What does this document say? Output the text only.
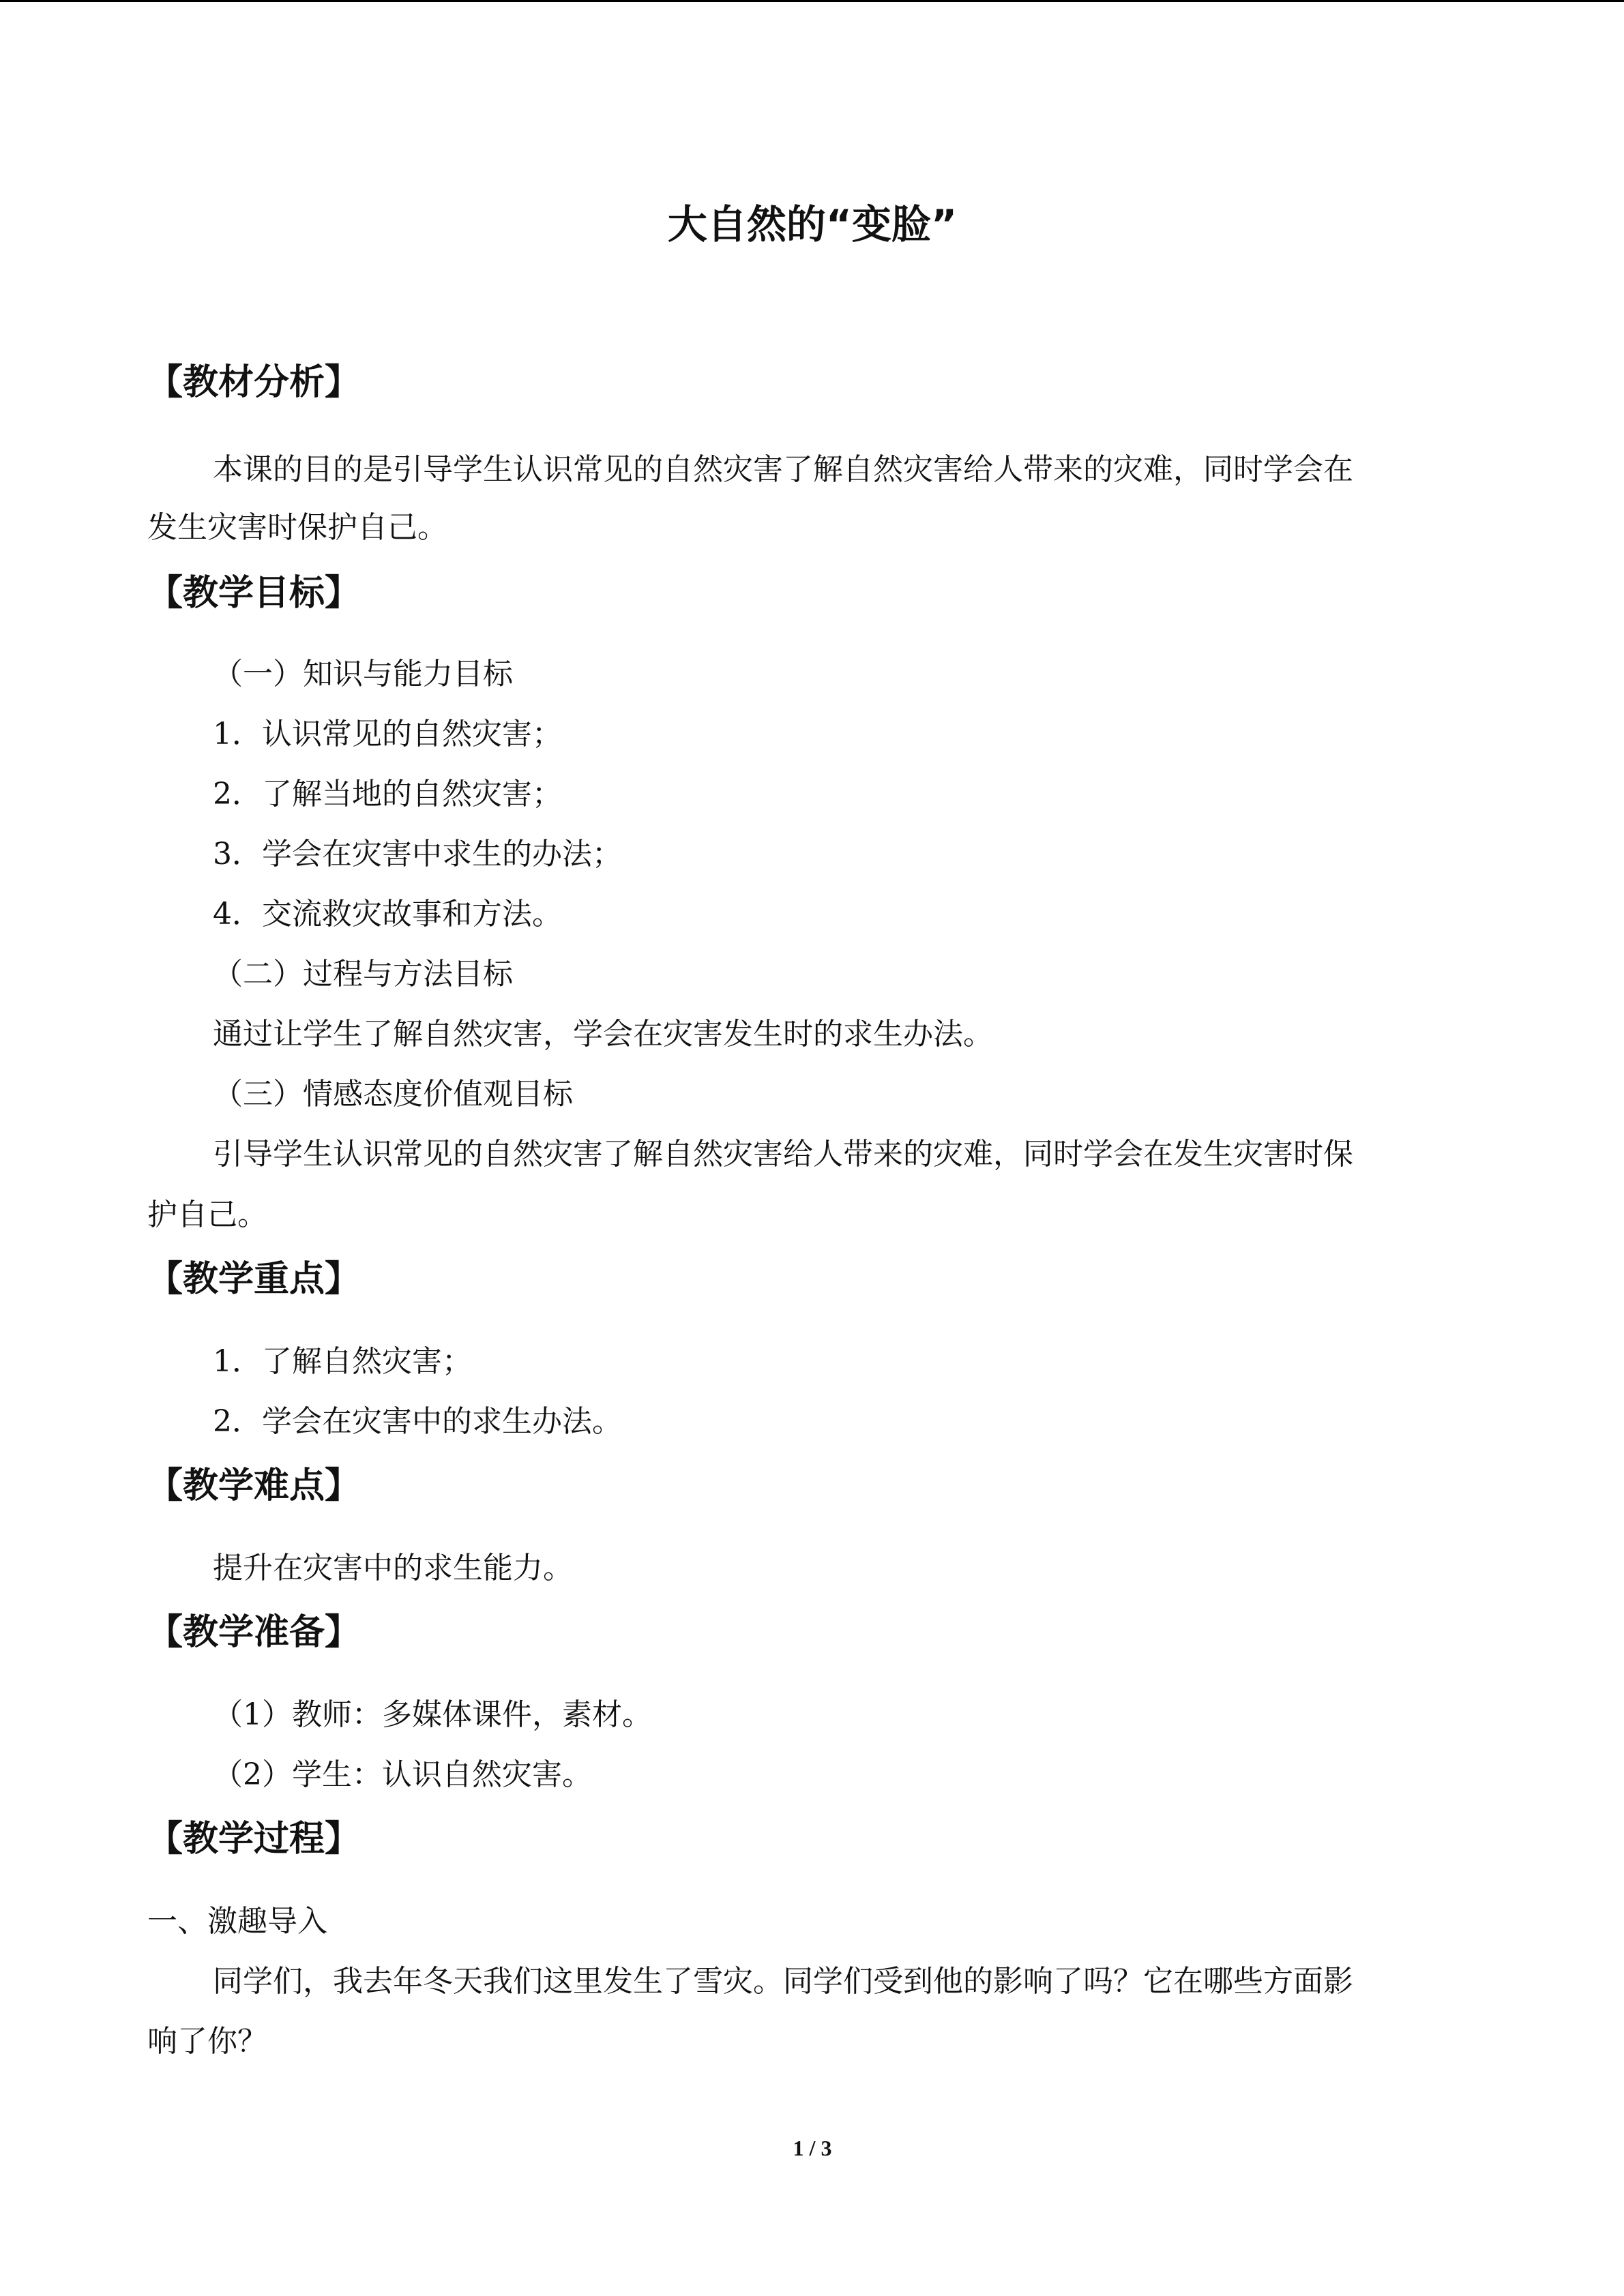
大自然的“变脸”
【教材分析】
本课的目的是引导学生认识常见的自然灾害了解自然灾害给人带来的灾难，同时学会在
发生灾害时保护自己。
【教学目标】
（一）知识与能力目标
1．认识常见的自然灾害；
2．了解当地的自然灾害；
3．学会在灾害中求生的办法；
4．交流救灾故事和方法。
（二）过程与方法目标
通过让学生了解自然灾害，学会在灾害发生时的求生办法。
（三）情感态度价值观目标
引导学生认识常见的自然灾害了解自然灾害给人带来的灾难，同时学会在发生灾害时保
护自己。
【教学重点】
1．了解自然灾害；
2．学会在灾害中的求生办法。
【教学难点】
提升在灾害中的求生能力。
【教学准备】
（1）教师：多媒体课件，素材。
（2）学生：认识自然灾害。
【教学过程】
一、激趣导入
同学们，我去年冬天我们这里发生了雪灾。同学们受到他的影响了吗？它在哪些方面影
响了你？
1 / 3
